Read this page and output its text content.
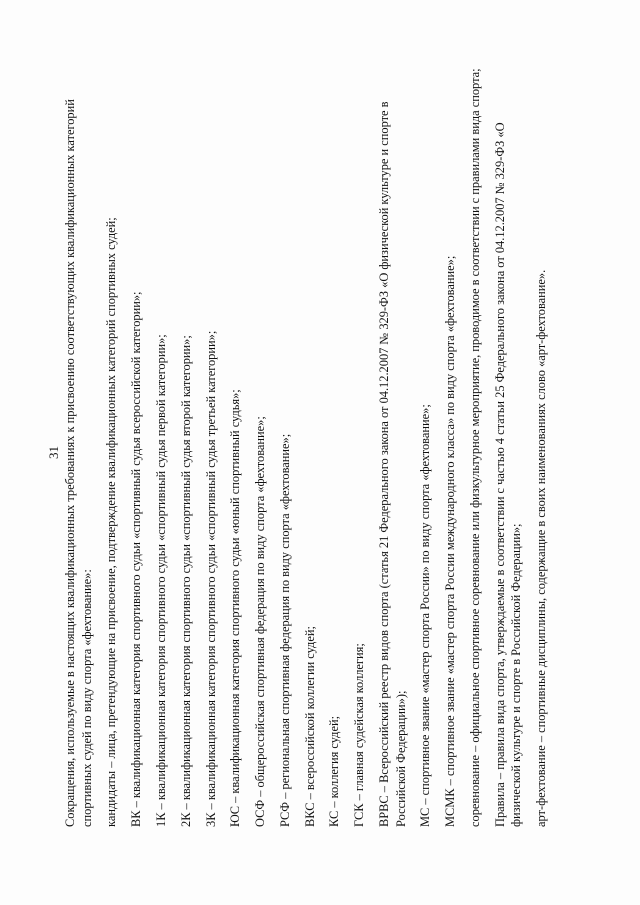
31 Сокращения, используемые в настоящих квалификационных требованиях к присвоению соответствующих квалификационных категорий спортивных судей по виду спорта «фехтование»: кандидаты – лица, претендующие на присвоение, подтверждение квалификационных категорий спортивных судей; ВК – квалификационная категория спортивного судьи «спортивный судья всероссийской категории»; 1К – квалификационная категория спортивного судьи «спортивный судья первой категории»; 2К – квалификационная категория спортивного судьи «спортивный судья второй категории»; 3К – квалификационная категория спортивного судьи «спортивный судья третьей категории»; ЮС – квалификационная категория спортивного судьи «юный спортивный судья»; ОСФ – общероссийская спортивная федерация по виду спорта «фехтование»; РСФ – региональная спортивная федерация по виду спорта «фехтование»; ВКС – всероссийской коллегии судей; КС – коллегия судей; ГСК – главная судейская коллегия; ВРВС – Всероссийский реестр видов спорта (статья 21 Федерального закона от 04.12.2007 № 329-ФЗ «О физической культуре и спорте в Российской Федерации»); МС – спортивное звание «мастер спорта России» по виду спорта «фехтование»; МСМК – спортивное звание «мастер спорта России международного класса» по виду спорта «фехтование»; соревнование – официальное спортивное соревнование или физкультурное мероприятие, проводимое в соответствии с правилами вида спорта; Правила – правила вида спорта, утверждаемые в соответствии с частью 4 статьи 25 Федерального закона от 04.12.2007 № 329-ФЗ «О физической культуре и спорте в Российской Федерации»; арт-фехтование – спортивные дисциплины, содержащие в своих наименованиях слово «арт-фехтование».
